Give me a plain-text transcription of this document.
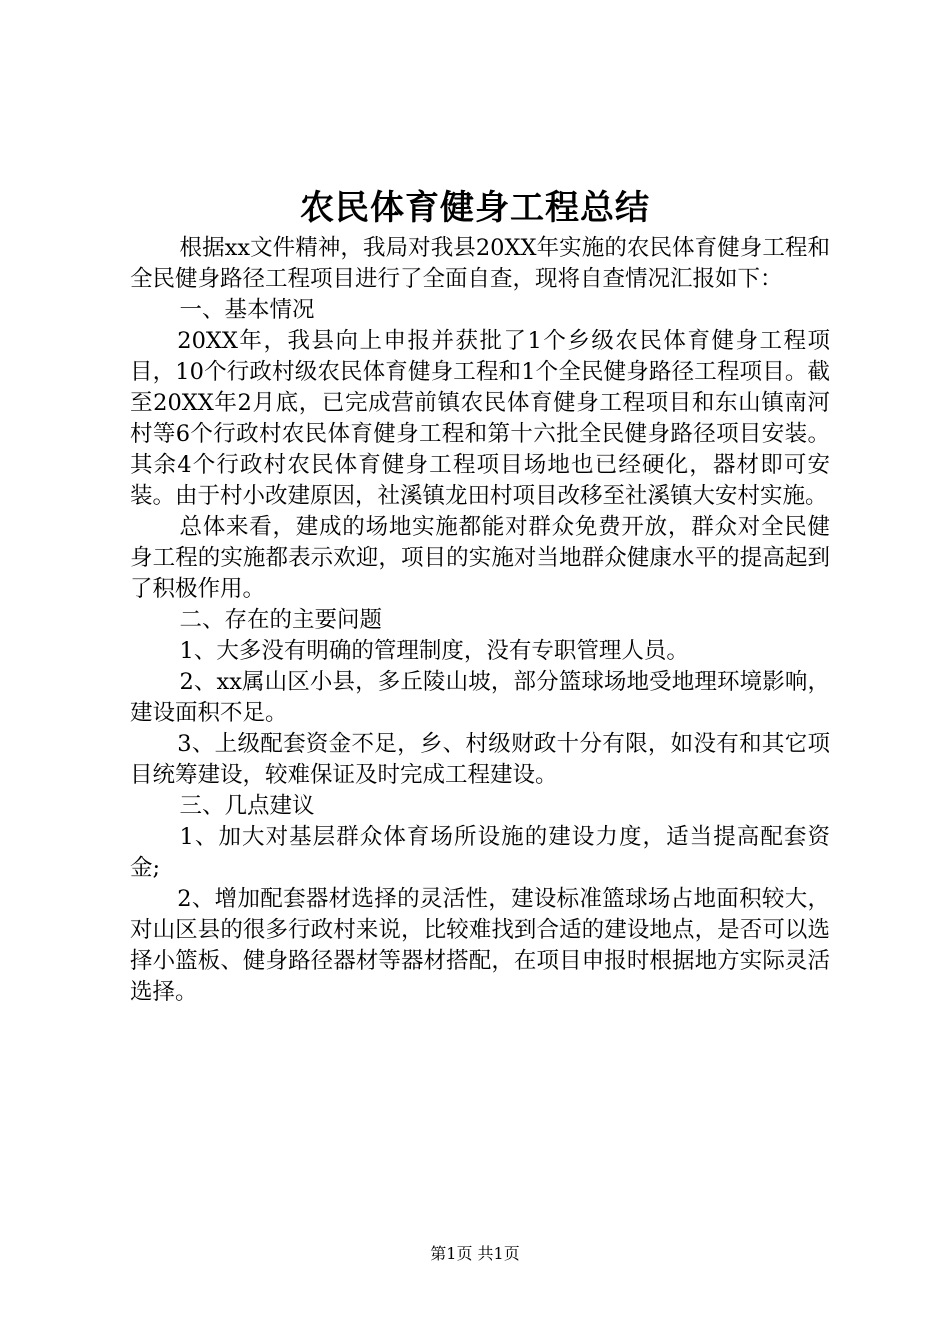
农民体育健身工程总结

根据xx文件精神，我局对我县20XX年实施的农民体育健身工程和全民健身路径工程项目进行了全面自查，现将自查情况汇报如下：

一、基本情况

20XX年，我县向上申报并获批了1个乡级农民体育健身工程项目，10个行政村级农民体育健身工程和1个全民健身路径工程项目。截至20XX年2月底，已完成营前镇农民体育健身工程项目和东山镇南河村等6个行政村农民体育健身工程和第十六批全民健身路径项目安装。其余4个行政村农民体育健身工程项目场地也已经硬化，器材即可安装。由于村小改建原因，社溪镇龙田村项目改移至社溪镇大安村实施。

总体来看，建成的场地实施都能对群众免费开放，群众对全民健身工程的实施都表示欢迎，项目的实施对当地群众健康水平的提高起到了积极作用。

二、存在的主要问题

1、大多没有明确的管理制度，没有专职管理人员。

2、xx属山区小县，多丘陵山坡，部分篮球场地受地理环境影响，建设面积不足。

3、上级配套资金不足，乡、村级财政十分有限，如没有和其它项目统筹建设，较难保证及时完成工程建设。

三、几点建议

1、加大对基层群众体育场所设施的建设力度，适当提高配套资金;

2、增加配套器材选择的灵活性，建设标准篮球场占地面积较大，对山区县的很多行政村来说，比较难找到合适的建设地点，是否可以选择小篮板、健身路径器材等器材搭配，在项目申报时根据地方实际灵活选择。

第1页 共1页
